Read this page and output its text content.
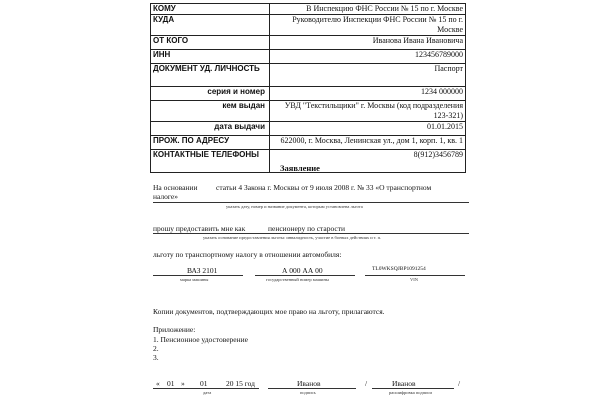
КОМУ	В Инспекцию ФНС России № 15 по г. Москве
КУДА	Руководителю Инспекции ФНС России № 15 по г. Москве
ОТ КОГО	Иванова Ивана Ивановича
ИНН	123456789000
ДОКУМЕНТ УД. ЛИЧНОСТЬ	Паспорт
серия и номер	1234 000000
кем выдан	УВД "Текстильщики" г. Москвы (код подразделения 123-321)
дата выдачи	01.01.2015
ПРОЖ. ПО АДРЕСУ	622000, г. Москва, Ленинская ул., дом 1, корп. 1, кв. 1
КОНТАКТНЫЕ ТЕЛЕФОНЫ	8(912)3456789
Заявление
На основании статьи 4 Закона г. Москвы от 9 июля 2008 г. № 33 «О транспортном
налоге»
указать дату, номер и название документа, которым установлена льгота
прошу предоставить мне как	пенсионеру по старости
указать основание предоставления льготы: инвалидность, участие в боевых действиях и т. п.
льготу по транспортному налогу в отношении автомобиля:
ВАЗ 2101
марка машины
А 000 АА 00
государственный номер машины
TL0WKSQJBP1091254
VIN
Копии документов, подтверждающих мое право на льготу, прилагаются.
Приложение:
1. Пенсионное удостоверение
2.
3.
« 01 » 01 20 15 год
дата
Иванов
подпись
/	Иванов
расшифровка подписи
/
